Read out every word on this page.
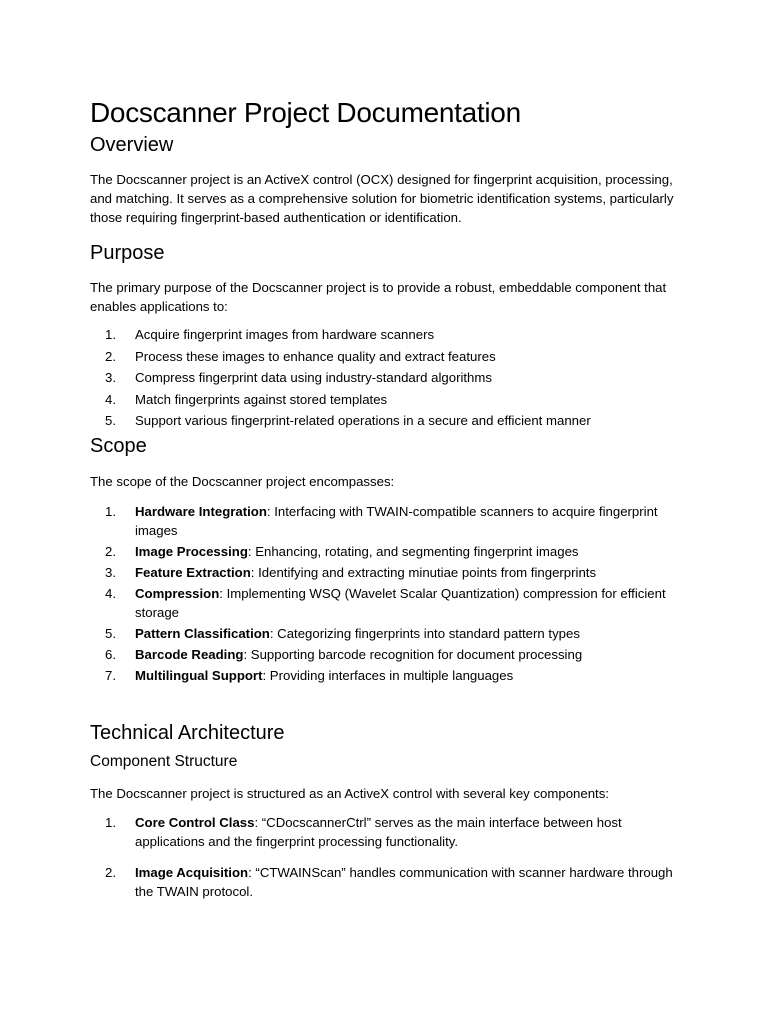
Docscanner Project Documentation
Overview

The Docscanner project is an ActiveX control (OCX) designed for fingerprint acquisition, processing, and matching. It serves as a comprehensive solution for biometric identification systems, particularly those requiring fingerprint-based authentication or identification.

Purpose

The primary purpose of the Docscanner project is to provide a robust, embeddable component that enables applications to:

1. Acquire fingerprint images from hardware scanners
2. Process these images to enhance quality and extract features
3. Compress fingerprint data using industry-standard algorithms
4. Match fingerprints against stored templates
5. Support various fingerprint-related operations in a secure and efficient manner
Scope

The scope of the Docscanner project encompasses:

1. Hardware Integration: Interfacing with TWAIN-compatible scanners to acquire fingerprint images
2. Image Processing: Enhancing, rotating, and segmenting fingerprint images
3. Feature Extraction: Identifying and extracting minutiae points from fingerprints
4. Compression: Implementing WSQ (Wavelet Scalar Quantization) compression for efficient storage
5. Pattern Classification: Categorizing fingerprints into standard pattern types
6. Barcode Reading: Supporting barcode recognition for document processing
7. Multilingual Support: Providing interfaces in multiple languages
Technical Architecture
Component Structure

The Docscanner project is structured as an ActiveX control with several key components:

1. Core Control Class: “CDocscannerCtrl” serves as the main interface between host applications and the fingerprint processing functionality.
2. Image Acquisition: “CTWAINScan” handles communication with scanner hardware through the TWAIN protocol.
